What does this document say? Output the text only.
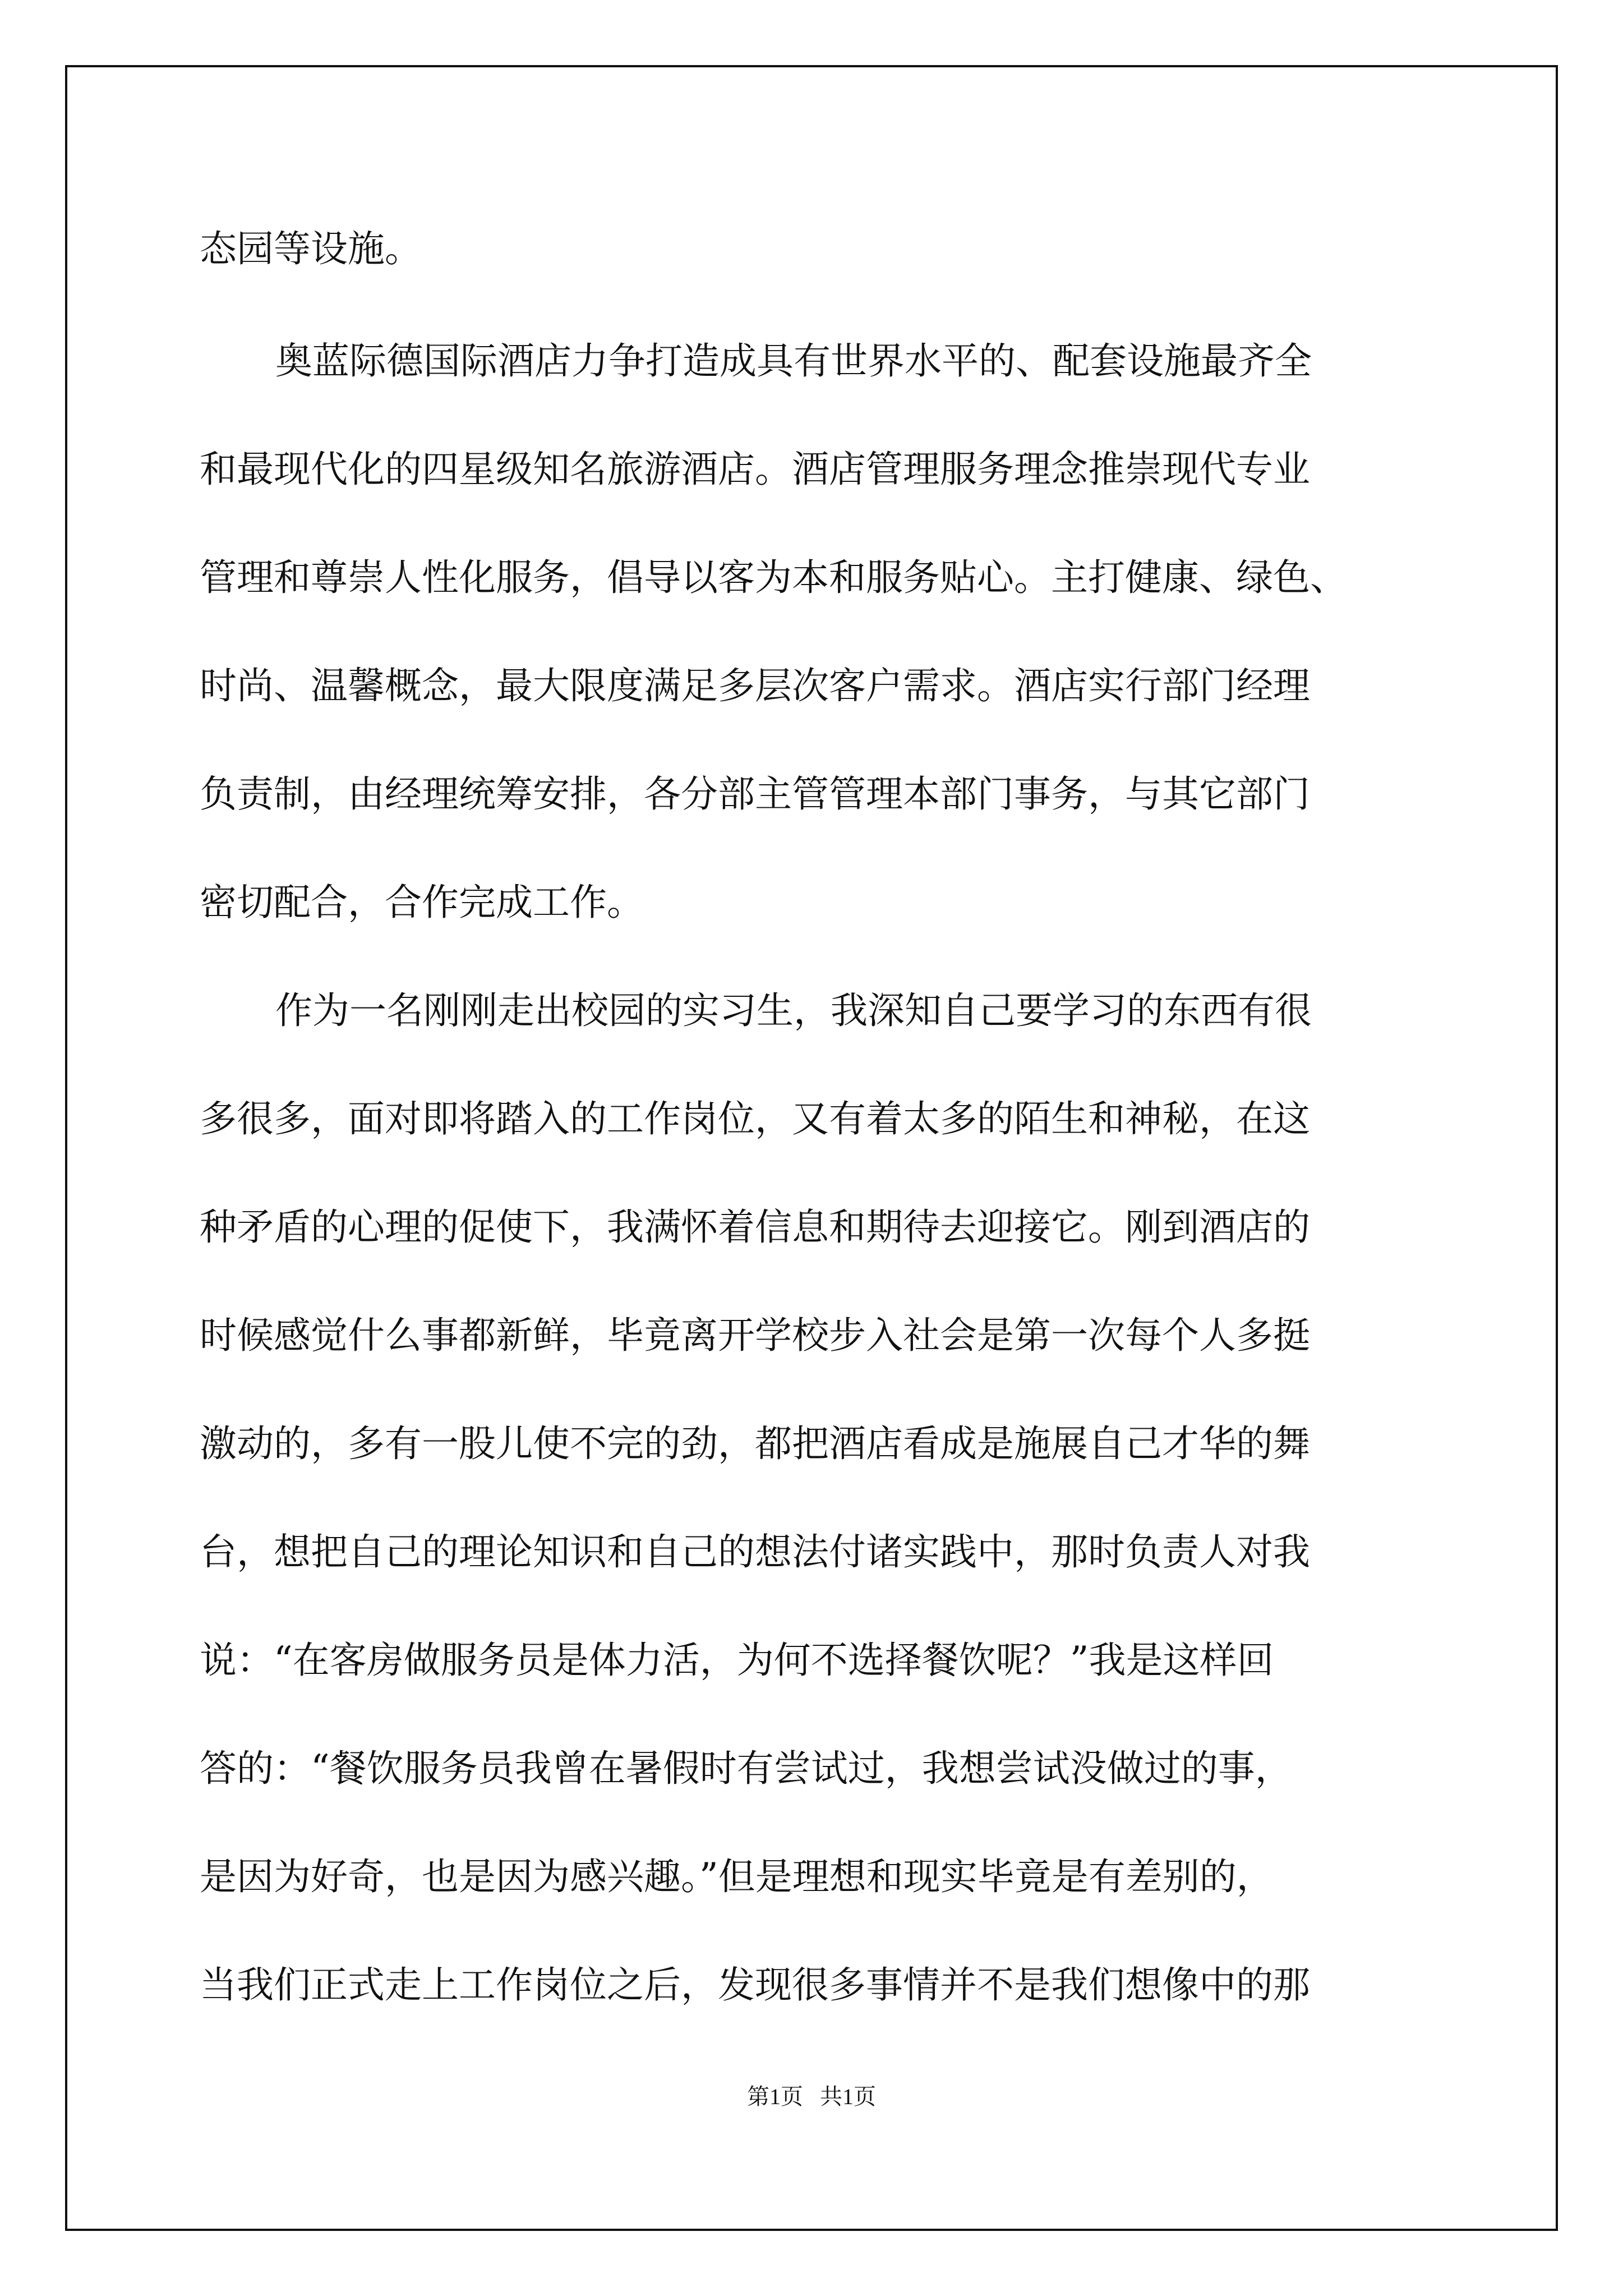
态园等设施。

奥蓝际德国际酒店力争打造成具有世界水平的、配套设施最齐全

和最现代化的四星级知名旅游酒店。酒店管理服务理念推崇现代专业

管理和尊崇人性化服务，倡导以客为本和服务贴心。主打健康、绿色、

时尚、温馨概念，最大限度满足多层次客户需求。酒店实行部门经理

负责制，由经理统筹安排，各分部主管管理本部门事务，与其它部门

密切配合，合作完成工作。

作为一名刚刚走出校园的实习生，我深知自己要学习的东西有很

多很多，面对即将踏入的工作岗位，又有着太多的陌生和神秘，在这

种矛盾的心理的促使下，我满怀着信息和期待去迎接它。刚到酒店的

时候感觉什么事都新鲜，毕竟离开学校步入社会是第一次每个人多挺

激动的，多有一股儿使不完的劲，都把酒店看成是施展自己才华的舞

台，想把自己的理论知识和自己的想法付诸实践中，那时负责人对我

说：“在客房做服务员是体力活，为何不选择餐饮呢？”我是这样回

答的：“餐饮服务员我曾在暑假时有尝试过，我想尝试没做过的事，

是因为好奇，也是因为感兴趣。”但是理想和现实毕竟是有差别的，

当我们正式走上工作岗位之后，发现很多事情并不是我们想像中的那

第1页   共1页
